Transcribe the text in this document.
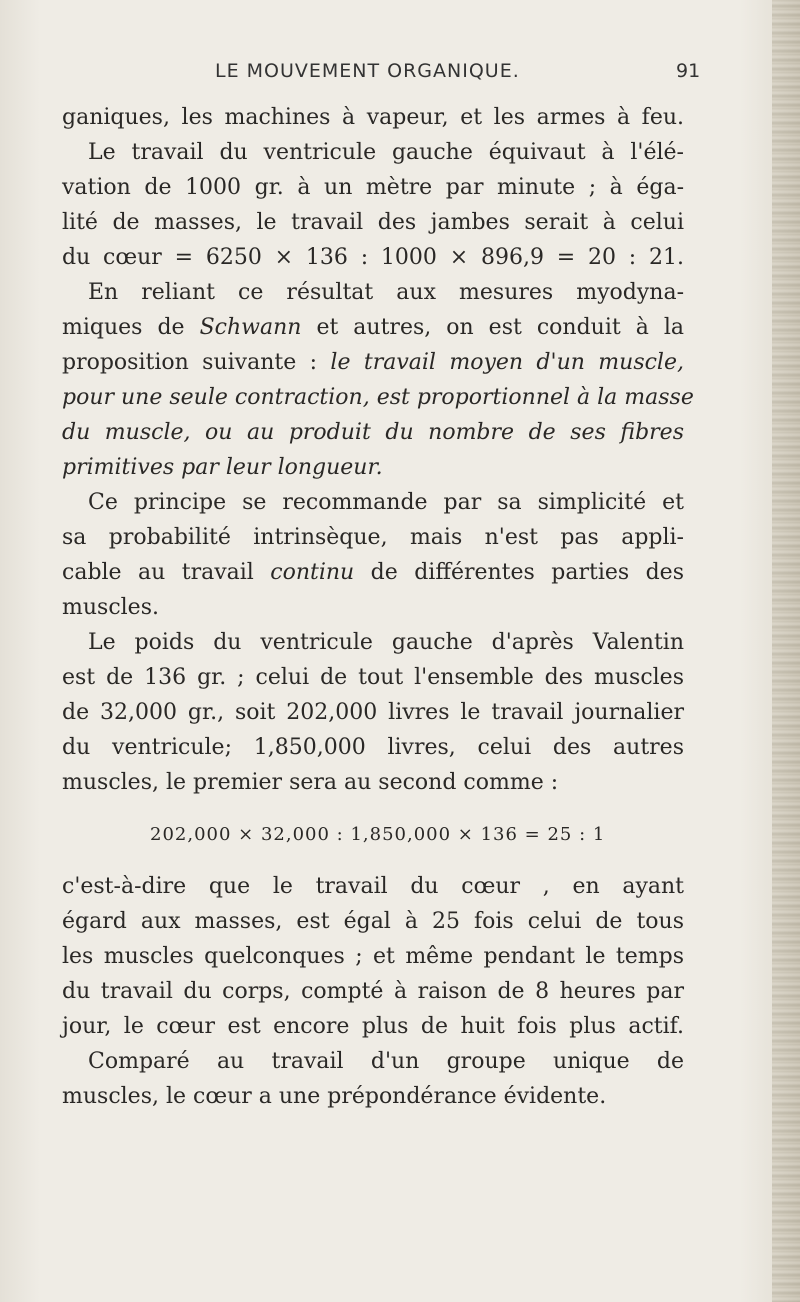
LE MOUVEMENT ORGANIQUE.	91
ganiques, les machines à vapeur, et les armes à feu.
Le travail du ventricule gauche équivaut à l'élé-
vation de 1000 gr. à un mètre par minute ; à éga-
lité de masses, le travail des jambes serait à celui
du cœur = 6250 × 136 : 1000 × 896,9 = 20 : 21.
En reliant ce résultat aux mesures myodyna-
miques de Schwann et autres, on est conduit à la
proposition suivante : le travail moyen d'un muscle,
pour une seule contraction, est proportionnel à la masse
du muscle, ou au produit du nombre de ses fibres
primitives par leur longueur.
Ce principe se recommande par sa simplicité et
sa probabilité intrinsèque, mais n'est pas appli-
cable au travail continu de différentes parties des
muscles.
Le poids du ventricule gauche d'après Valentin
est de 136 gr. ; celui de tout l'ensemble des muscles
de 32,000 gr., soit 202,000 livres le travail journalier
du ventricule; 1,850,000 livres, celui des autres
muscles, le premier sera au second comme :
202,000 × 32,000 : 1,850,000 × 136 = 25 : 1
c'est-à-dire que le travail du cœur , en ayant
égard aux masses, est égal à 25 fois celui de tous
les muscles quelconques ; et même pendant le temps
du travail du corps, compté à raison de 8 heures par
jour, le cœur est encore plus de huit fois plus actif.
Comparé au travail d'un groupe unique de
muscles, le cœur a une prépondérance évidente.
